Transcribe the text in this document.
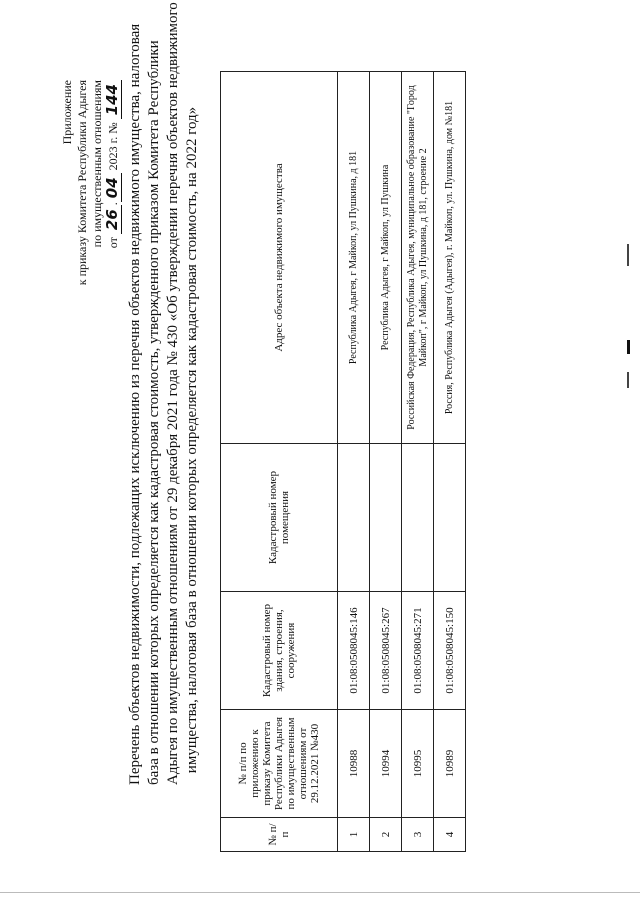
Приложение к приказу Комитета Республики Адыгея по имущественным отношениям от 26.04 2023 г. № 144 Перечень объектов недвижимости, подлежащих исключению из перечня объектов недвижимого имущества, налоговая база в отношении которых определяется как кадастровая стоимость, утвержденного приказом Комитета Республики Адыгея по имущественным отношениям от 29 декабря 2021 года № 430 «Об утверждении перечня объектов недвижимого имущества, налоговая база в отношении которых определяется как кадастровая стоимость, на 2022 год»
№ п/п	№ п/п по приложению к приказу Комитета Республики Адыгея по имущественным отношениям от 29.12.2021 №430	Кадастровый номер здания, строения, сооружения	Кадастровый номер помещения	Адрес объекта недвижимого имущества
1	10988	01:08:0508045:146		Республика Адыгея, г Майкоп, ул Пушкина, д 181
2	10994	01:08:0508045:267		Республика Адыгея, г Майкоп, ул Пушкина
3	10995	01:08:0508045:271		Российская Федерация, Республика Адыгея, муниципальное образование "Город Майкоп", г Майкоп, ул Пушкина, д 181, строение 2
4	10989	01:08:0508045:150		Россия, Республика Адыгея (Адыгея), г. Майкоп, ул. Пушкина, дом №181
